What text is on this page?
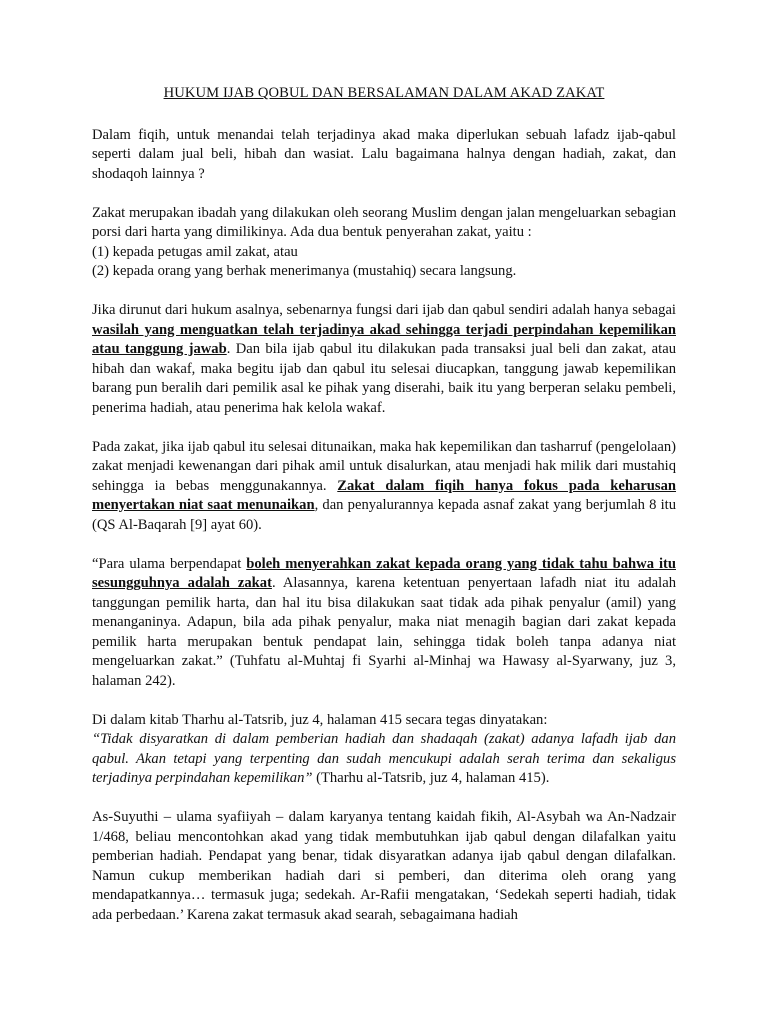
HUKUM IJAB QOBUL DAN BERSALAMAN DALAM AKAD ZAKAT

Dalam fiqih, untuk menandai telah terjadinya akad maka diperlukan sebuah lafadz ijab-qabul seperti dalam jual beli, hibah dan wasiat. Lalu bagaimana halnya dengan hadiah, zakat, dan shodaqoh lainnya ?

Zakat merupakan ibadah yang dilakukan oleh seorang Muslim dengan jalan mengeluarkan sebagian porsi dari harta yang dimilikinya. Ada dua bentuk penyerahan zakat, yaitu :
(1) kepada petugas amil zakat, atau
(2) kepada orang yang berhak menerimanya (mustahiq) secara langsung.

Jika dirunut dari hukum asalnya, sebenarnya fungsi dari ijab dan qabul sendiri adalah hanya sebagai wasilah yang menguatkan telah terjadinya akad sehingga terjadi perpindahan kepemilikan atau tanggung jawab. Dan bila ijab qabul itu dilakukan pada transaksi jual beli dan zakat, atau hibah dan wakaf, maka begitu ijab dan qabul itu selesai diucapkan, tanggung jawab kepemilikan barang pun beralih dari pemilik asal ke pihak yang diserahi, baik itu yang berperan selaku pembeli, penerima hadiah, atau penerima hak kelola wakaf.

Pada zakat, jika ijab qabul itu selesai ditunaikan, maka hak kepemilikan dan tasharruf (pengelolaan) zakat menjadi kewenangan dari pihak amil untuk disalurkan, atau menjadi hak milik dari mustahiq sehingga ia bebas menggunakannya. Zakat dalam fiqih hanya fokus pada keharusan menyertakan niat saat menunaikan, dan penyalurannya kepada asnaf zakat yang berjumlah 8 itu (QS Al-Baqarah [9] ayat 60).

“Para ulama berpendapat boleh menyerahkan zakat kepada orang yang tidak tahu bahwa itu sesungguhnya adalah zakat. Alasannya, karena ketentuan penyertaan lafadh niat itu adalah tanggungan pemilik harta, dan hal itu bisa dilakukan saat tidak ada pihak penyalur (amil) yang menanganinya. Adapun, bila ada pihak penyalur, maka niat menagih bagian dari zakat kepada pemilik harta merupakan bentuk pendapat lain, sehingga tidak boleh tanpa adanya niat mengeluarkan zakat.” (Tuhfatu al-Muhtaj fi Syarhi al-Minhaj wa Hawasy al-Syarwany, juz 3, halaman 242).

Di dalam kitab Tharhu al-Tatsrib, juz 4, halaman 415 secara tegas dinyatakan:
“Tidak disyaratkan di dalam pemberian hadiah dan shadaqah (zakat) adanya lafadh ijab dan qabul. Akan tetapi yang terpenting dan sudah mencukupi adalah serah terima dan sekaligus terjadinya perpindahan kepemilikan” (Tharhu al-Tatsrib, juz 4, halaman 415).

As-Suyuthi – ulama syafiiyah – dalam karyanya tentang kaidah fikih, Al-Asybah wa An-Nadzair 1/468, beliau mencontohkan akad yang tidak membutuhkan ijab qabul dengan dilafalkan yaitu pemberian hadiah. Pendapat yang benar, tidak disyaratkan adanya ijab qabul dengan dilafalkan. Namun cukup memberikan hadiah dari si pemberi, dan diterima oleh orang yang mendapatkannya… termasuk juga; sedekah. Ar-Rafii mengatakan, ‘Sedekah seperti hadiah, tidak ada perbedaan.’ Karena zakat termasuk akad searah, sebagaimana hadiah
